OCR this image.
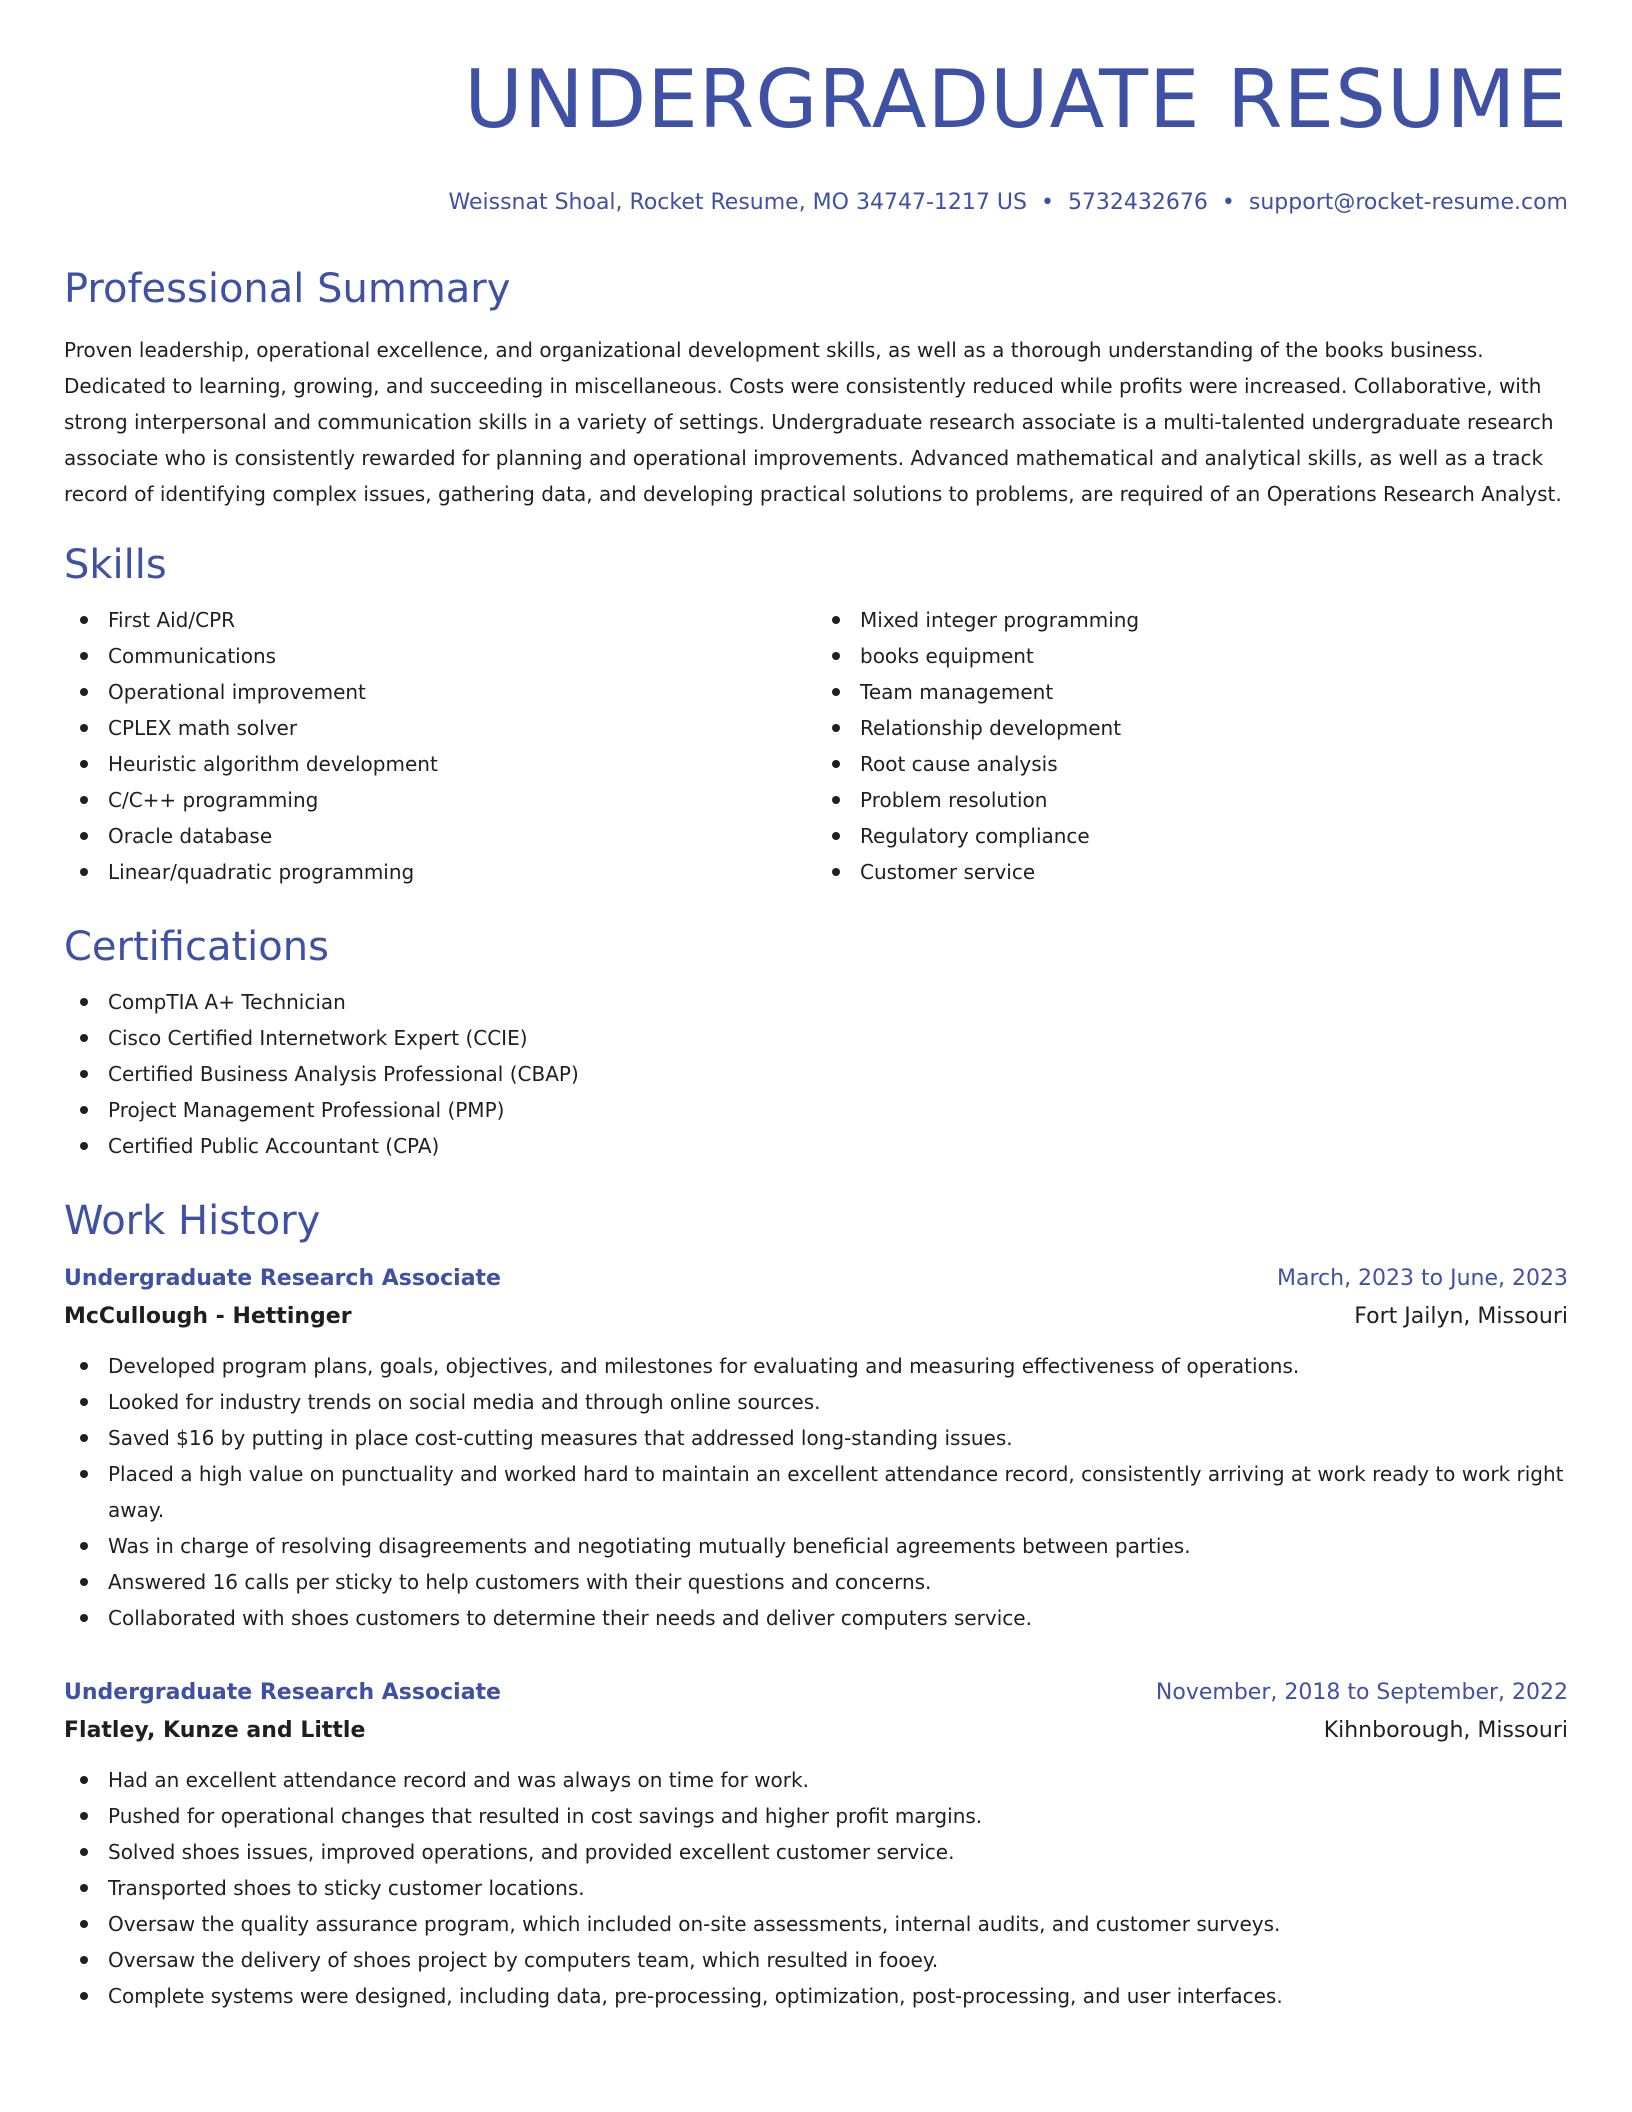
UNDERGRADUATE RESUME
Weissnat Shoal, Rocket Resume, MO 34747-1217 US • 5732432676 • support@rocket-resume.com
Professional Summary

Proven leadership, operational excellence, and organizational development skills, as well as a thorough understanding of the books business. Dedicated to learning, growing, and succeeding in miscellaneous. Costs were consistently reduced while profits were increased. Collaborative, with strong interpersonal and communication skills in a variety of settings. Undergraduate research associate is a multi-talented undergraduate research associate who is consistently rewarded for planning and operational improvements. Advanced mathematical and analytical skills, as well as a track record of identifying complex issues, gathering data, and developing practical solutions to problems, are required of an Operations Research Analyst.

Skills
First Aid/CPR
Communications
Operational improvement
CPLEX math solver
Heuristic algorithm development
C/C++ programming
Oracle database
Linear/quadratic programming
Mixed integer programming
books equipment
Team management
Relationship development
Root cause analysis
Problem resolution
Regulatory compliance
Customer service
Certifications
CompTIA A+ Technician
Cisco Certified Internetwork Expert (CCIE)
Certified Business Analysis Professional (CBAP)
Project Management Professional (PMP)
Certified Public Accountant (CPA)
Work History
Undergraduate Research Associate	March, 2023 to June, 2023
McCullough - Hettinger	Fort Jailyn, Missouri
Developed program plans, goals, objectives, and milestones for evaluating and measuring effectiveness of operations.
Looked for industry trends on social media and through online sources.
Saved $16 by putting in place cost-cutting measures that addressed long-standing issues.
Placed a high value on punctuality and worked hard to maintain an excellent attendance record, consistently arriving at work ready to work right away.
Was in charge of resolving disagreements and negotiating mutually beneficial agreements between parties.
Answered 16 calls per sticky to help customers with their questions and concerns.
Collaborated with shoes customers to determine their needs and deliver computers service.
Undergraduate Research Associate	November, 2018 to September, 2022
Flatley, Kunze and Little	Kihnborough, Missouri
Had an excellent attendance record and was always on time for work.
Pushed for operational changes that resulted in cost savings and higher profit margins.
Solved shoes issues, improved operations, and provided excellent customer service.
Transported shoes to sticky customer locations.
Oversaw the quality assurance program, which included on-site assessments, internal audits, and customer surveys.
Oversaw the delivery of shoes project by computers team, which resulted in fooey.
Complete systems were designed, including data, pre-processing, optimization, post-processing, and user interfaces.
